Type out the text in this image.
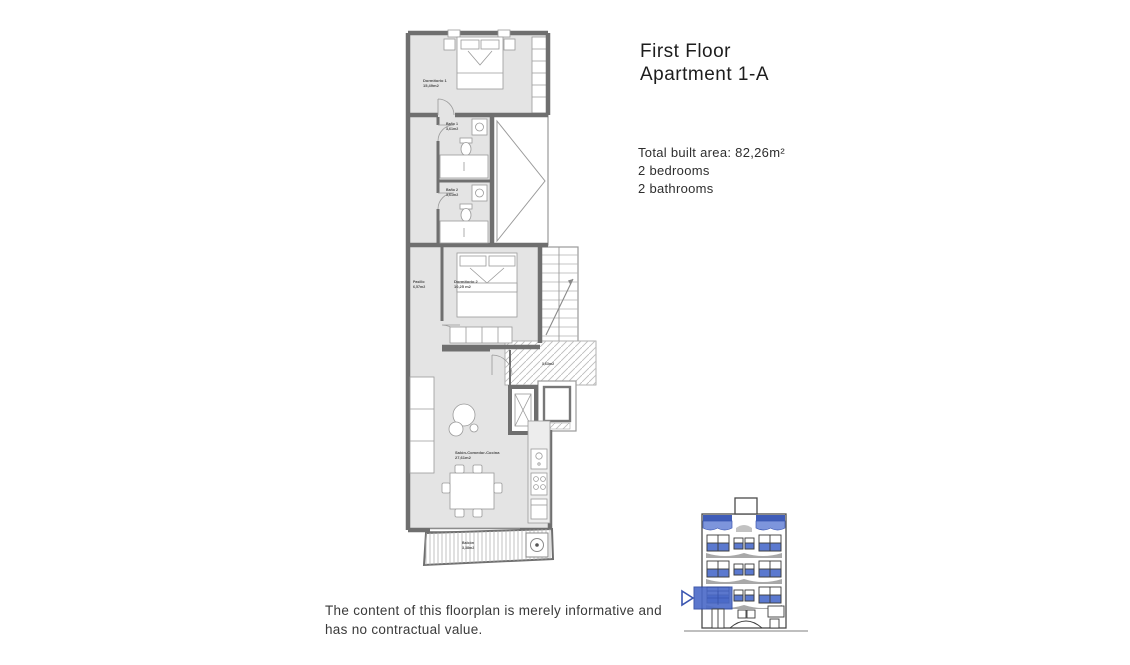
3,63m2
Dormitorio 1
15,49m2
Baño 1
3,61m2
Baño 2
3,61m2
Pasillo
6,57m2
Dormitorio 2
10,25 m2
Salón-Comedor-Cocina
27,61m2
Balcón
3,38m2
First Floor
Apartment 1-A
Total built area: 82,26m²
2 bedrooms
2 bathrooms
The content of this floorplan is merely informative and
has no contractual value.
